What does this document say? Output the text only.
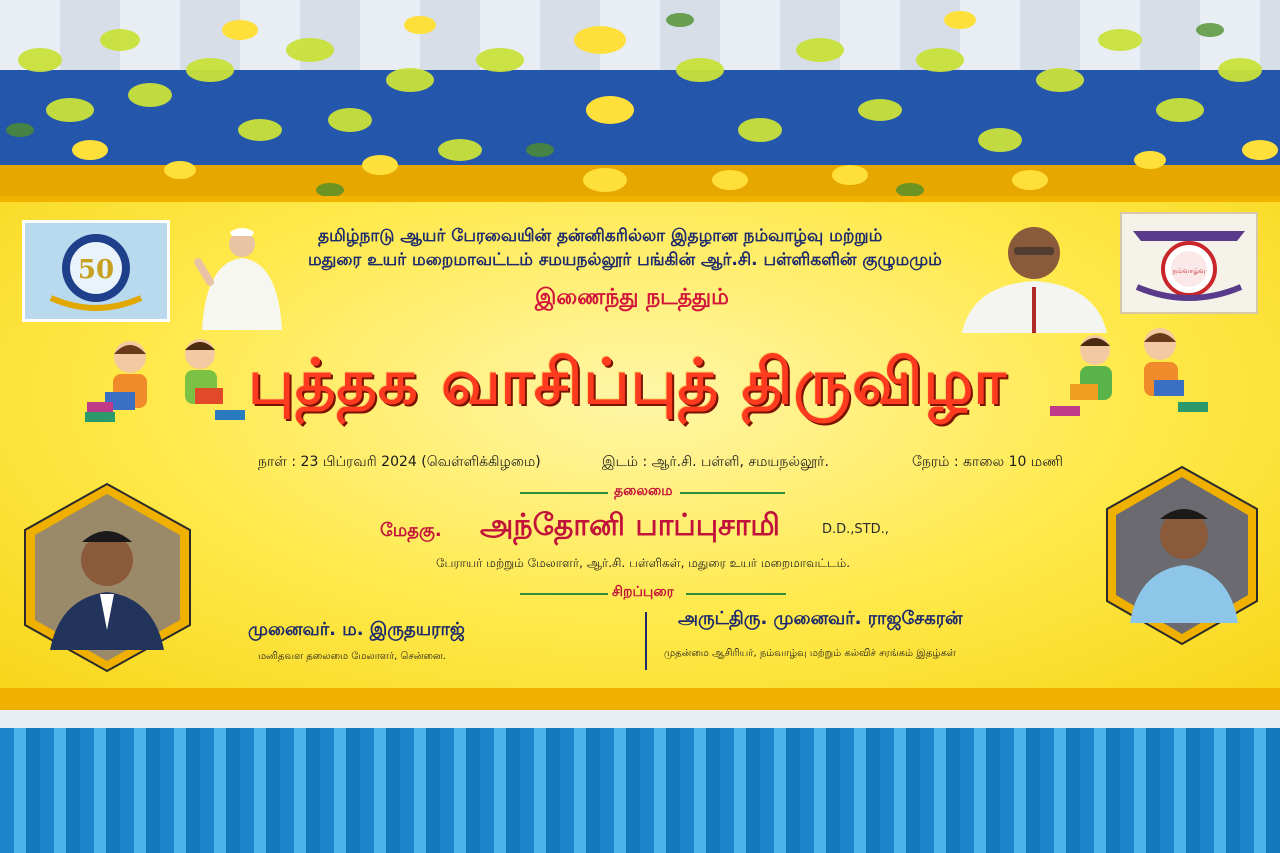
50	நம்வாழ்வு
தமிழ்நாடு ஆயர் பேரவையின் தன்னிகரில்லா இதழான நம்வாழ்வு மற்றும்
மதுரை உயர் மறைமாவட்டம் சமயநல்லூர் பங்கின் ஆர்.சி. பள்ளிகளின் குழுமமும்
இணைந்து நடத்தும்
புத்தக வாசிப்புத் திருவிழா
நாள் : 23 பிப்ரவரி 2024 (வெள்ளிக்கிழமை)	இடம் : ஆர்.சி. பள்ளி, சமயநல்லூர்.	நேரம் : காலை 10 மணி
தலைமை
மேதகு. அந்தோனி பாப்புசாமி	D.D.,STD.,
பேராயர் மற்றும் மேலாளர், ஆர்.சி. பள்ளிகள், மதுரை உயர் மறைமாவட்டம்.
சிறப்புரை
முனைவர். ம. இருதயராஜ்
மனிதவள தலைமை மேலாளர், சென்னை.
அருட்திரு. முனைவர். ராஜசேகரன்
முதன்மை ஆசிரியர், நம்வாழ்வு மற்றும் கல்விச் சரங்கம் இதழ்கள்
